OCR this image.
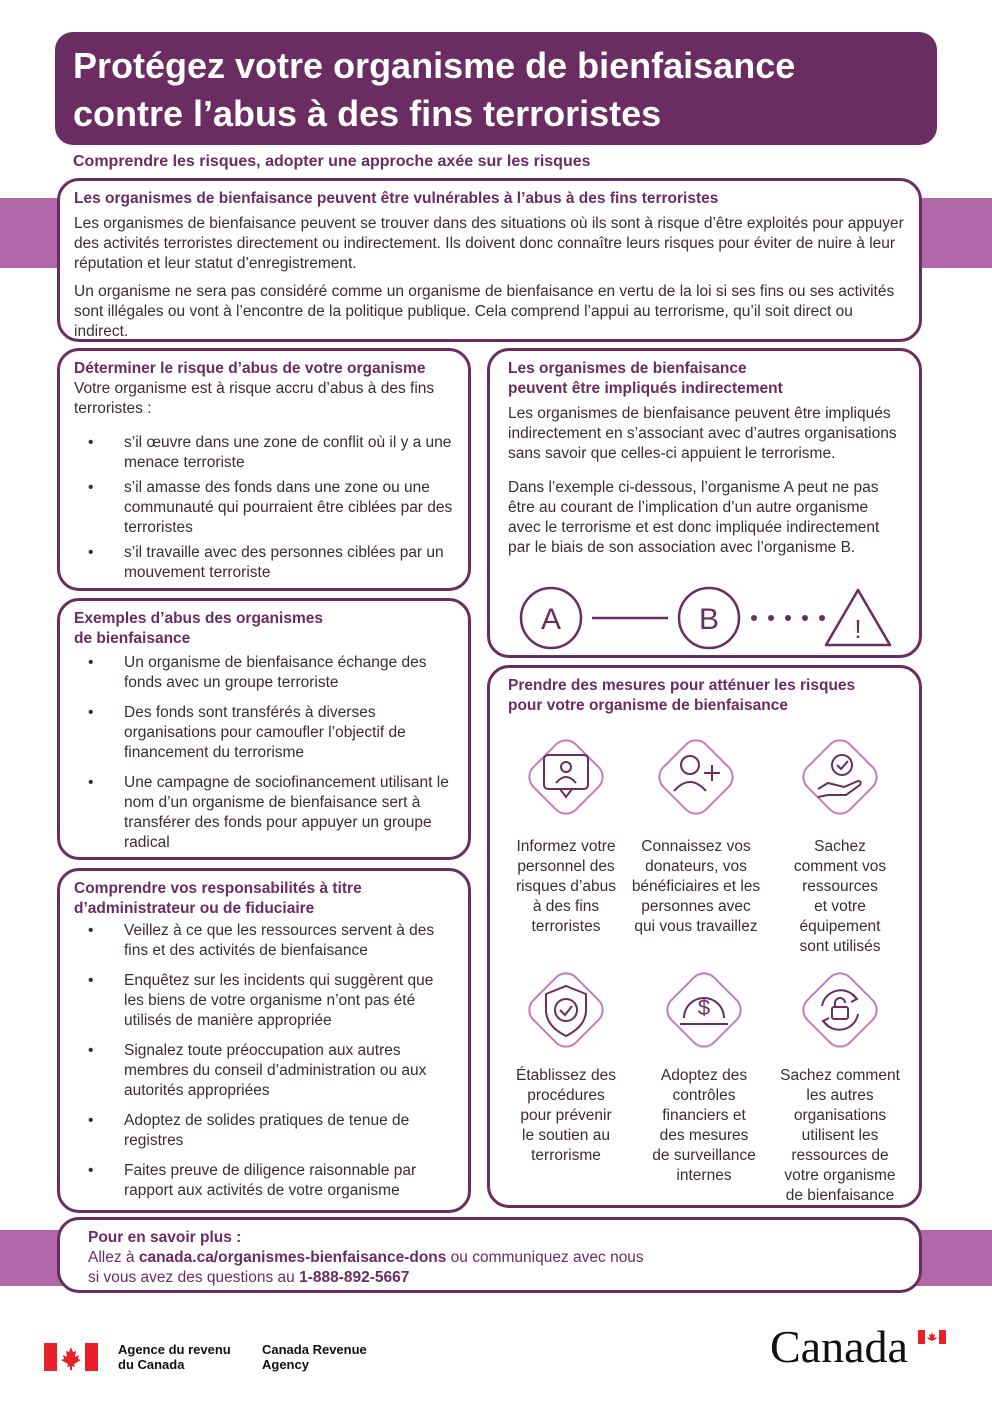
Protégez votre organisme de bienfaisance
contre l’abus à des fins terroristes
Comprendre les risques, adopter une approche axée sur les risques
Les organismes de bienfaisance peuvent être vulnérables à l’abus à des fins terroristes

Les organismes de bienfaisance peuvent se trouver dans des situations où ils sont à risque d’être exploités pour appuyer des activités terroristes directement ou indirectement. Ils doivent donc connaître leurs risques pour éviter de nuire à leur réputation et leur statut d’enregistrement.

Un organisme ne sera pas considéré comme un organisme de bienfaisance en vertu de la loi si ses fins ou ses activités sont illégales ou vont à l’encontre de la politique publique. Cela comprend l’appui au terrorisme, qu’il soit direct ou indirect.

Déterminer le risque d’abus de votre organisme

Votre organisme est à risque accru d’abus à des fins terroristes :

• s’il œuvre dans une zone de conflit où il y a une menace terroriste
• s’il amasse des fonds dans une zone ou une communauté qui pourraient être ciblées par des terroristes
• s’il travaille avec des personnes ciblées par un mouvement terroriste
Exemples d’abus des organismes
de bienfaisance
• Un organisme de bienfaisance échange des fonds avec un groupe terroriste
• Des fonds sont transférés à diverses organisations pour camoufler l’objectif de financement du terrorisme
• Une campagne de sociofinancement utilisant le nom d’un organisme de bienfaisance sert à transférer des fonds pour appuyer un groupe radical
Comprendre vos responsabilités à titre
d’administrateur ou de fiduciaire
• Veillez à ce que les ressources servent à des fins et des activités de bienfaisance
• Enquêtez sur les incidents qui suggèrent que les biens de votre organisme n’ont pas été utilisés de manière appropriée
• Signalez toute préoccupation aux autres membres du conseil d’administration ou aux autorités appropriées
• Adoptez de solides pratiques de tenue de registres
• Faites preuve de diligence raisonnable par rapport aux activités de votre organisme
Les organismes de bienfaisance
peuvent être impliqués indirectement

Les organismes de bienfaisance peuvent être impliqués indirectement en s’associant avec d’autres organisations sans savoir que celles-ci appuient le terrorisme.

Dans l’exemple ci-dessous, l’organisme A peut ne pas être au courant de l’implication d’un autre organisme avec le terrorisme et est donc impliquée indirectement par le biais de son association avec l’organisme B.

A	B	!
Prendre des mesures pour atténuer les risques
pour votre organisme de bienfaisance
Informez votre
personnel des
risques d’abus
à des fins
terroristes
Connaissez vos
donateurs, vos
bénéficiaires et les
personnes avec
qui vous travaillez
Sachez
comment vos
ressources
et votre
équipement
sont utilisés
Établissez des
procédures
pour prévenir
le soutien au
terrorisme
$
Adoptez des
contrôles
financiers et
des mesures
de surveillance
internes
Sachez comment
les autres
organisations
utilisent les
ressources de
votre organisme
de bienfaisance

Pour en savoir plus :

Allez à canada.ca/organismes-bienfaisance-dons ou communiquez avec nous

si vous avez des questions au 1-888-892-5667

Agence du revenu
du Canada
Canada Revenue
Agency	Canada
